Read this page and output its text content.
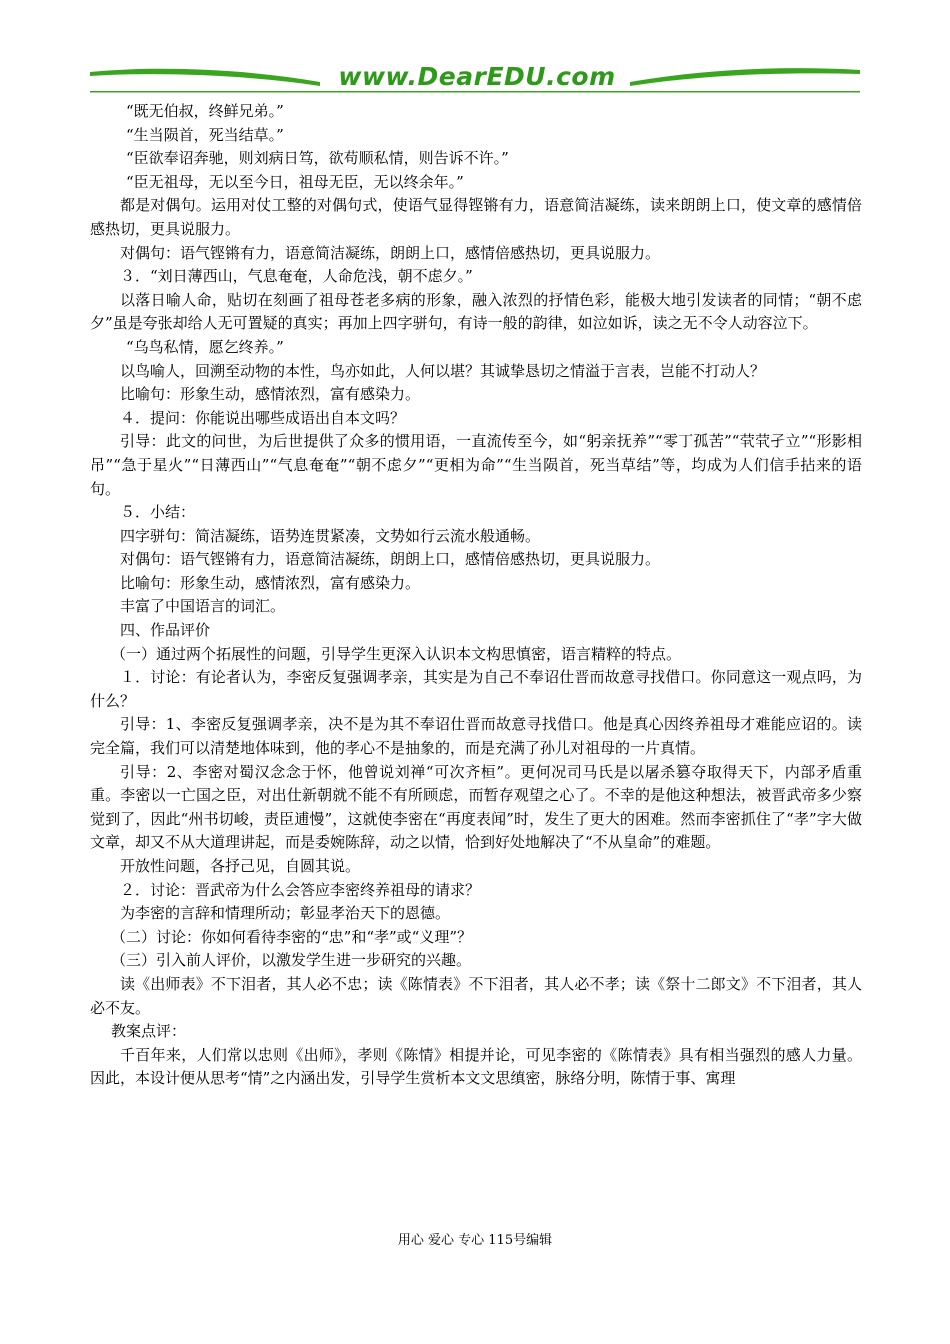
www.DearEDU.com

“既无伯叔，终鲜兄弟。”

“生当陨首，死当结草。”

“臣欲奉诏奔驰，则刘病日笃，欲苟顺私情，则告诉不许。”

“臣无祖母，无以至今日，祖母无臣，无以终余年。”

都是对偶句。运用对仗工整的对偶句式，使语气显得铿锵有力，语意简洁凝练，读来朗朗上口，使文章的感情倍感热切，更具说服力。

对偶句：语气铿锵有力，语意简洁凝练，朗朗上口，感情倍感热切，更具说服力。

３．“刘日薄西山，气息奄奄，人命危浅，朝不虑夕。”

以落日喻人命，贴切在刻画了祖母苍老多病的形象，融入浓烈的抒情色彩，能极大地引发读者的同情；“朝不虑夕”虽是夸张却给人无可置疑的真实；再加上四字骈句，有诗一般的韵律，如泣如诉，读之无不令人动容泣下。

“乌鸟私情，愿乞终养。”

以鸟喻人，回溯至动物的本性，鸟亦如此，人何以堪？其诚挚恳切之情溢于言表，岂能不打动人？

比喻句：形象生动，感情浓烈，富有感染力。

４．提问：你能说出哪些成语出自本文吗？

引导：此文的问世，为后世提供了众多的惯用语，一直流传至今，如“躬亲抚养”“零丁孤苦”“茕茕孑立”“形影相吊”“急于星火”“日薄西山”“气息奄奄”“朝不虑夕”“更相为命”“生当陨首，死当草结”等，均成为人们信手拈来的语句。

５．小结：

四字骈句：简洁凝练，语势连贯紧凑，文势如行云流水般通畅。

对偶句：语气铿锵有力，语意简洁凝练，朗朗上口，感情倍感热切，更具说服力。

比喻句：形象生动，感情浓烈，富有感染力。

丰富了中国语言的词汇。

四、作品评价

（一）通过两个拓展性的问题，引导学生更深入认识本文构思慎密，语言精粹的特点。

１．讨论：有论者认为，李密反复强调孝亲，其实是为自己不奉诏仕晋而故意寻找借口。你同意这一观点吗，为什么？

引导：1、李密反复强调孝亲，决不是为其不奉诏仕晋而故意寻找借口。他是真心因终养祖母才难能应诏的。读完全篇，我们可以清楚地体味到，他的孝心不是抽象的，而是充满了孙儿对祖母的一片真情。

引导：2、李密对蜀汉念念于怀，他曾说刘禅“可次齐桓”。更何况司马氏是以屠杀篡夺取得天下，内部矛盾重重。李密以一亡国之臣，对出仕新朝就不能不有所顾虑，而暂存观望之心了。不幸的是他这种想法，被晋武帝多少察觉到了，因此“州书切峻，责臣逋慢”，这就使李密在“再度表闻”时，发生了更大的困难。然而李密抓住了“孝”字大做文章，却又不从大道理讲起，而是委婉陈辞，动之以情，恰到好处地解决了“不从皇命”的难题。

开放性问题，各抒己见，自圆其说。

２．讨论：晋武帝为什么会答应李密终养祖母的请求？

为李密的言辞和情理所动；彰显孝治天下的恩德。

（二）讨论：你如何看待李密的“忠”和“孝”或“义理”？

（三）引入前人评价，以激发学生进一步研究的兴趣。

读《出师表》不下泪者，其人必不忠；读《陈情表》不下泪者，其人必不孝；读《祭十二郎文》不下泪者，其人必不友。

教案点评：

千百年来，人们常以忠则《出师》，孝则《陈情》相提并论，可见李密的《陈情表》具有相当强烈的感人力量。因此，本设计便从思考“情”之内涵出发，引导学生赏析本文文思缜密，脉络分明，陈情于事、寓理

用心 爱心 专心 115号编辑
